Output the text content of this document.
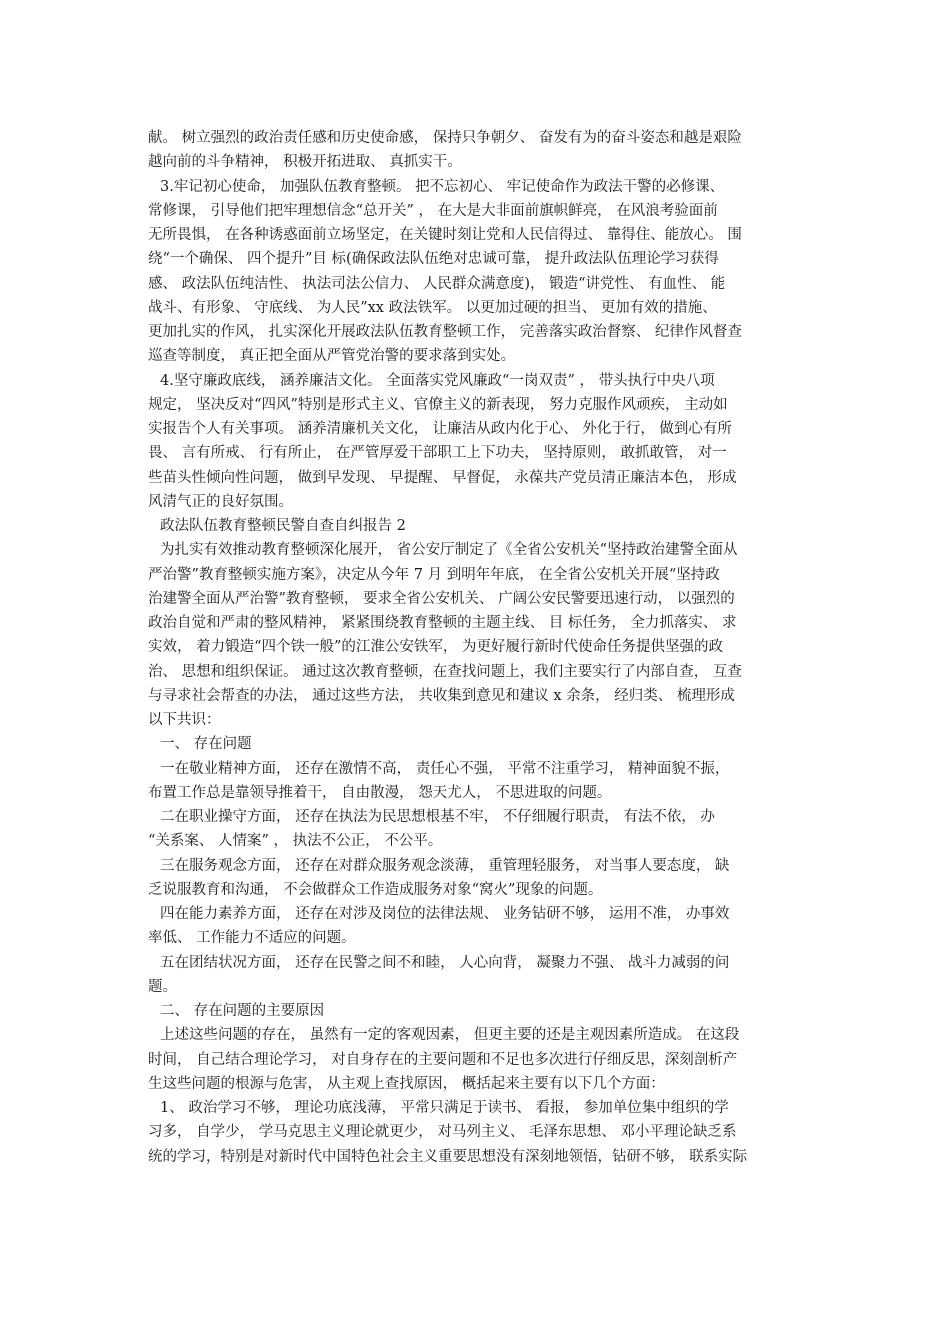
献。 树立强烈的政治责任感和历史使命感， 保持只争朝夕、 奋发有为的奋斗姿态和越是艰险
越向前的斗争精神， 积极开拓进取、 真抓实干。
3.牢记初心使命， 加强队伍教育整顿。 把不忘初心、 牢记使命作为政法干警的必修课、
常修课， 引导他们把牢理想信念“总开关” ， 在大是大非面前旗帜鲜亮， 在风浪考验面前
无所畏惧， 在各种诱惑面前立场坚定，在关键时刻让党和人民信得过、 靠得住、能放心。 围
绕“一个确保、 四个提升”目 标(确保政法队伍绝对忠诚可靠， 提升政法队伍理论学习获得
感、 政法队伍纯洁性、 执法司法公信力、 人民群众满意度)， 锻造“讲党性、 有血性、 能
战斗、有形象、 守底线、 为人民”xx 政法铁军。 以更加过硬的担当、 更加有效的措施、
更加扎实的作风， 扎实深化开展政法队伍教育整顿工作， 完善落实政治督察、 纪律作风督查
巡查等制度， 真正把全面从严管党治警的要求落到实处。
4.坚守廉政底线， 涵养廉洁文化。 全面落实党风廉政“一岗双责” ， 带头执行中央八项
规定， 坚决反对“四风”特别是形式主义、官僚主义的新表现， 努力克服作风顽疾， 主动如
实报告个人有关事项。 涵养清廉机关文化， 让廉洁从政内化于心、 外化于行， 做到心有所
畏、 言有所戒、 行有所止， 在严管厚爱干部职工上下功夫， 坚持原则， 敢抓敢管， 对一
些苗头性倾向性问题， 做到早发现、 早提醒、 早督促， 永葆共产党员清正廉洁本色， 形成
风清气正的良好氛围。
政法队伍教育整顿民警自查自纠报告 2
为扎实有效推动教育整顿深化展开， 省公安厅制定了《全省公安机关“坚持政治建警全面从
严治警”教育整顿实施方案》，决定从今年 7 月 到明年年底， 在全省公安机关开展“坚持政
治建警全面从严治警”教育整顿， 要求全省公安机关、 广阔公安民警要迅速行动， 以强烈的
政治自觉和严肃的整风精神， 紧紧围绕教育整顿的主题主线、 目 标任务， 全力抓落实、 求
实效， 着力锻造“四个铁一般”的江淮公安铁军， 为更好履行新时代使命任务提供坚强的政
治、 思想和组织保证。 通过这次教育整顿，在查找问题上，我们主要实行了内部自查， 互查
与寻求社会帮查的办法， 通过这些方法， 共收集到意见和建议 x 余条， 经归类、 梳理形成
以下共识：
一、 存在问题
一在敬业精神方面， 还存在激情不高， 责任心不强， 平常不注重学习， 精神面貌不振，
布置工作总是靠领导推着干， 自由散漫， 怨天尤人， 不思进取的问题。
二在职业操守方面， 还存在执法为民思想根基不牢， 不仔细履行职责， 有法不依， 办
“关系案、 人情案” ， 执法不公正， 不公平。
三在服务观念方面， 还存在对群众服务观念淡薄， 重管理轻服务， 对当事人要态度， 缺
乏说服教育和沟通， 不会做群众工作造成服务对象“窝火”现象的问题。
四在能力素养方面， 还存在对涉及岗位的法律法规、 业务钻研不够， 运用不准， 办事效
率低、 工作能力不适应的问题。
五在团结状况方面， 还存在民警之间不和睦， 人心向背， 凝聚力不强、 战斗力减弱的问
题。
二、 存在问题的主要原因
上述这些问题的存在， 虽然有一定的客观因素， 但更主要的还是主观因素所造成。 在这段
时间， 自己结合理论学习， 对自身存在的主要问题和不足也多次进行仔细反思，深刻剖析产
生这些问题的根源与危害， 从主观上查找原因， 概括起来主要有以下几个方面：
1、 政治学习不够， 理论功底浅薄， 平常只满足于读书、 看报， 参加单位集中组织的学
习多， 自学少， 学马克思主义理论就更少， 对马列主义、 毛泽东思想、 邓小平理论缺乏系
统的学习，特别是对新时代中国特色社会主义重要思想没有深刻地领悟，钻研不够， 联系实际
